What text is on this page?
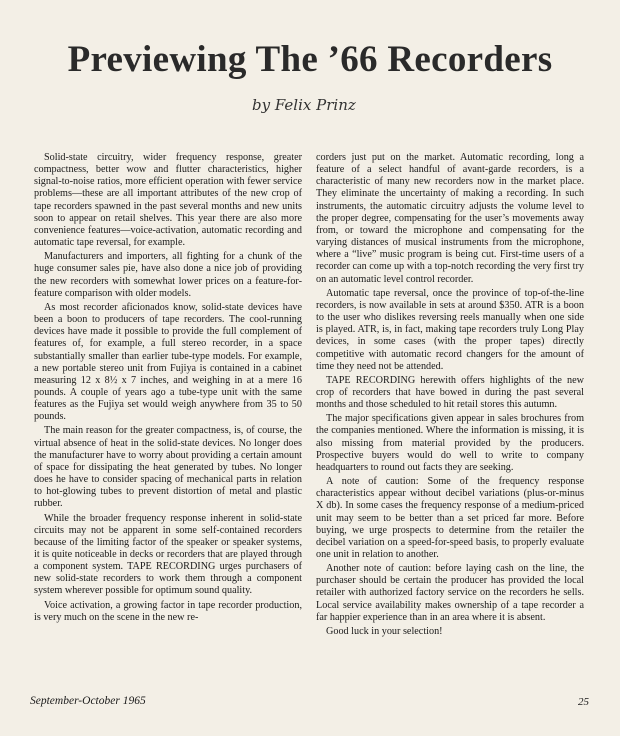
Previewing The ’66 Recorders
by Felix Prinz

Solid-state circuitry, wider frequency response, greater compactness, better wow and flutter characteristics, higher signal-to-noise ratios, more efficient operation with fewer service problems—these are all important attributes of the new crop of tape recorders spawned in the past several months and new units soon to appear on retail shelves. This year there are also more convenience features—voice-activation, automatic recording and automatic tape reversal, for example.

Manufacturers and importers, all fighting for a chunk of the huge consumer sales pie, have also done a nice job of providing the new recorders with somewhat lower prices on a feature-for-feature comparison with older models.

As most recorder aficionados know, solid-state devices have been a boon to producers of tape recorders. The cool-running devices have made it possible to provide the full complement of features of, for example, a full stereo recorder, in a space substantially smaller than earlier tube-type models. For example, a new portable stereo unit from Fujiya is contained in a cabinet measuring 12 x 8½ x 7 inches, and weighing in at a mere 16 pounds. A couple of years ago a tube-type unit with the same features as the Fujiya set would weigh anywhere from 35 to 50 pounds.

The main reason for the greater compactness, is, of course, the virtual absence of heat in the solid-state devices. No longer does the manufacturer have to worry about providing a certain amount of space for dissipating the heat generated by tubes. No longer does he have to consider spacing of mechanical parts in relation to hot-glowing tubes to prevent distortion of metal and plastic rubber.

While the broader frequency response inherent in solid-state circuits may not be apparent in some self-contained recorders because of the limiting factor of the speaker or speaker systems, it is quite noticeable in decks or recorders that are played through a component system. TAPE RECORDING urges purchasers of new solid-state recorders to work them through a component system wherever possible for optimum sound quality.

Voice activation, a growing factor in tape recorder production, is very much on the scene in the new re-

corders just put on the market. Automatic recording, long a feature of a select handful of avant-garde recorders, is a characteristic of many new recorders now in the market place. They eliminate the uncertainty of making a recording. In such instruments, the automatic circuitry adjusts the volume level to the proper degree, compensating for the user’s movements away from, or toward the microphone and compensating for the varying distances of musical instruments from the microphone, where a “live” music program is being cut. First-time users of a recorder can come up with a top-notch recording the very first try on an automatic level control recorder.

Automatic tape reversal, once the province of top-of-the-line recorders, is now available in sets at around $350. ATR is a boon to the user who dislikes reversing reels manually when one side is played. ATR, is, in fact, making tape recorders truly Long Play devices, in some cases (with the proper tapes) directly competitive with automatic record changers for the amount of time they need not be attended.

TAPE RECORDING herewith offers highlights of the new crop of recorders that have bowed in during the past several months and those scheduled to hit retail stores this autumn.

The major specifications given appear in sales brochures from the companies mentioned. Where the information is missing, it is also missing from material provided by the producers. Prospective buyers would do well to write to company headquarters to round out facts they are seeking.

A note of caution: Some of the frequency response characteristics appear without decibel variations (plus-or-minus X db). In some cases the frequency response of a medium-priced unit may seem to be better than a set priced far more. Before buying, we urge prospects to determine from the retailer the decibel variation on a speed-for-speed basis, to properly evaluate one unit in relation to another.

Another note of caution: before laying cash on the line, the purchaser should be certain the producer has provided the local retailer with authorized factory service on the recorders he sells. Local service availability makes ownership of a tape recorder a far happier experience than in an area where it is absent.

Good luck in your selection!

September-October 1965	25
